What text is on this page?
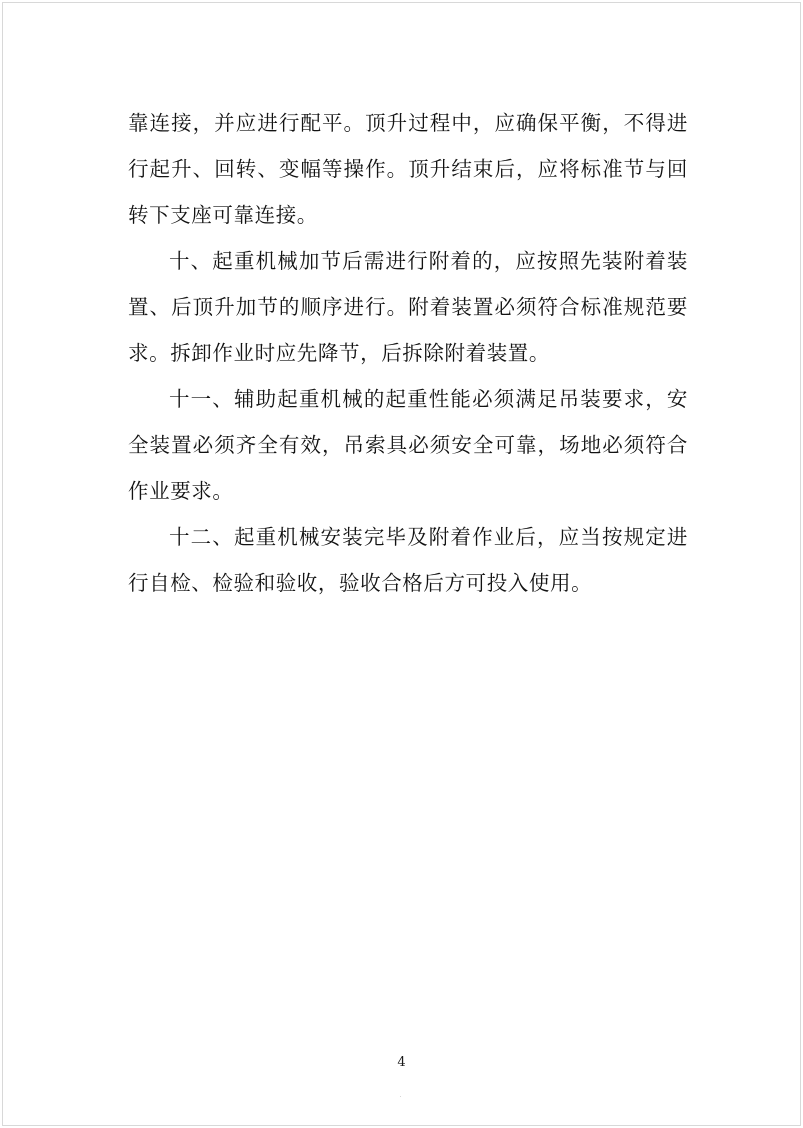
靠连接，并应进行配平。顶升过程中，应确保平衡，不得进行起升、回转、变幅等操作。顶升结束后，应将标准节与回转下支座可靠连接。

十、起重机械加节后需进行附着的，应按照先装附着装置、后顶升加节的顺序进行。附着装置必须符合标准规范要求。拆卸作业时应先降节，后拆除附着装置。

十一、辅助起重机械的起重性能必须满足吊装要求，安全装置必须齐全有效，吊索具必须安全可靠，场地必须符合作业要求。

十二、起重机械安装完毕及附着作业后，应当按规定进行自检、检验和验收，验收合格后方可投入使用。

4
·
